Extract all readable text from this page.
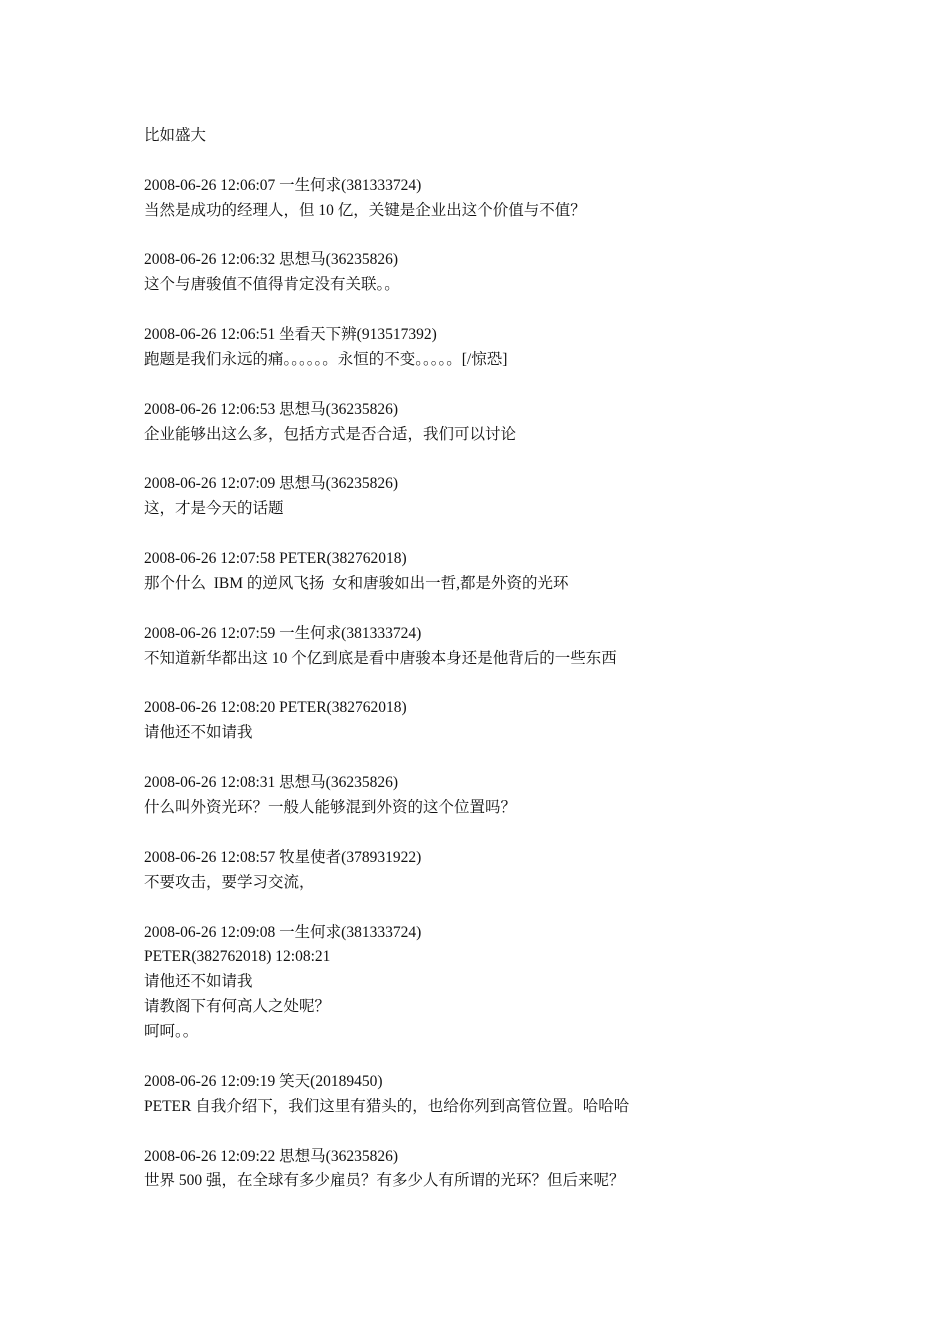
比如盛大
2008-06-26 12:06:07 一生何求(381333724)
当然是成功的经理人，但 10 亿，关键是企业出这个价值与不值？
2008-06-26 12:06:32 思想马(36235826)
这个与唐骏值不值得肯定没有关联。。
2008-06-26 12:06:51 坐看天下辨(913517392)
跑题是我们永远的痛。。。。。。永恒的不变。。。。。[/惊恐]
2008-06-26 12:06:53 思想马(36235826)
企业能够出这么多，包括方式是否合适，我们可以讨论
2008-06-26 12:07:09 思想马(36235826)
这，才是今天的话题
2008-06-26 12:07:58 PETER(382762018)
那个什么  IBM 的逆风飞扬  女和唐骏如出一哲,都是外资的光环
2008-06-26 12:07:59 一生何求(381333724)
不知道新华都出这 10 个亿到底是看中唐骏本身还是他背后的一些东西
2008-06-26 12:08:20 PETER(382762018)
请他还不如请我
2008-06-26 12:08:31 思想马(36235826)
什么叫外资光环？一般人能够混到外资的这个位置吗？
2008-06-26 12:08:57 牧星使者(378931922)
不要攻击，要学习交流，
2008-06-26 12:09:08 一生何求(381333724)
PETER(382762018) 12:08:21
请他还不如请我
请教阁下有何高人之处呢？
呵呵。。
2008-06-26 12:09:19 笑天(20189450)
PETER 自我介绍下，我们这里有猎头的，也给你列到高管位置。哈哈哈
2008-06-26 12:09:22 思想马(36235826)
世界 500 强，在全球有多少雇员？有多少人有所谓的光环？但后来呢？
